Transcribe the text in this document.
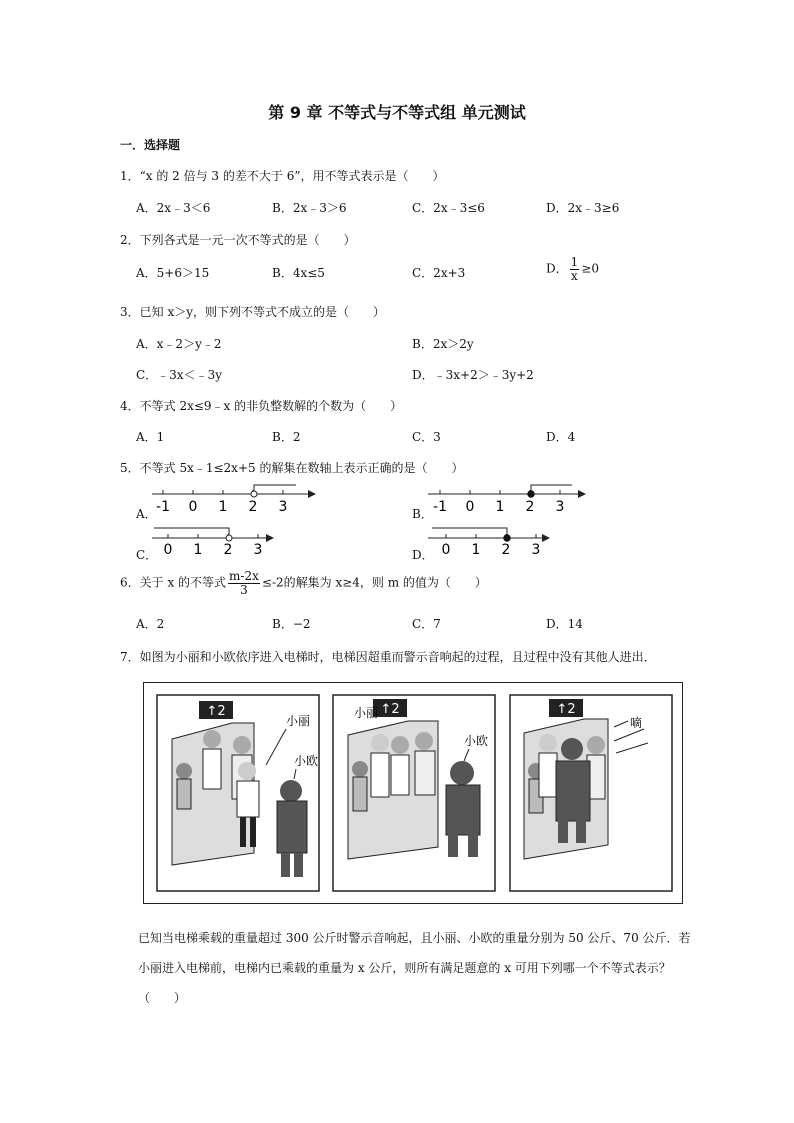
第 9 章 不等式与不等式组 单元测试
一．选择题
1．“x 的 2 倍与 3 的差不大于 6”，用不等式表示是（　　）
A．2x﹣3＜6	B．2x﹣3＞6	C．2x﹣3≤6	D．2x﹣3≥6
2．下列各式是一元一次不等式的是（　　）
A．5+6＞15	B．4x≤5	C．2x+3	D． $\frac{1}{x} \ge 0$
3．已知 x＞y，则下列不等式不成立的是（　　）
A．x﹣2＞y﹣2	B．2x＞2y
C．﹣3x＜﹣3y	D．﹣3x+2＞﹣3y+2
4．不等式 2x≤9﹣x 的非负整数解的个数为（　　）
A．1	B．2	C．3	D．4
5．不等式 5x﹣1≤2x+5 的解集在数轴上表示正确的是（　　）
A． -1 0 1 2 3	B． -1 0 1 2 3
C． 0 1 2 3	D． 0 1 2 3
6．关于 x 的不等式 $\frac{m-2x}{3} \le-2$的解集为 x≥4，则 m 的值为（　　）
A．2	B．−2	C．7	D．14
7．如图为小丽和小欧依序进入电梯时，电梯因超重而警示音响起的过程，且过程中没有其他人进出．
↑2
小丽
小欧
↑2
小丽
小欧
↑2
嘀
已知当电梯乘载的重量超过 300 公斤时警示音响起，且小丽、小欧的重量分别为 50 公斤、70 公斤．若
小丽进入电梯前，电梯内已乘载的重量为 x 公斤，则所有满足题意的 x 可用下列哪一个不等式表示？
（　　）
